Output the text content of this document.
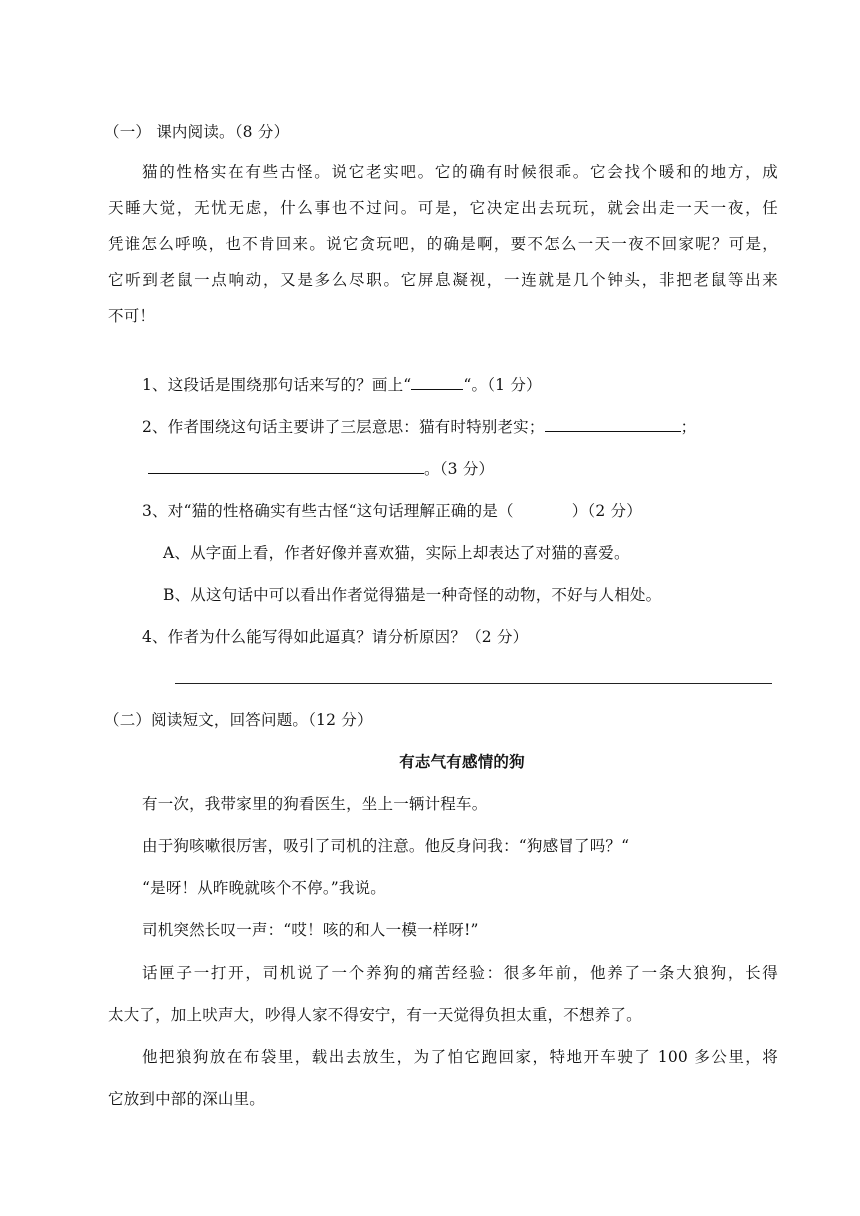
（一） 课内阅读。（8 分）
猫的性格实在有些古怪。说它老实吧。它的确有时候很乖。它会找个暖和的地方，成
天睡大觉，无忧无虑，什么事也不过问。可是，它决定出去玩玩，就会出走一天一夜，任
凭谁怎么呼唤，也不肯回来。说它贪玩吧，的确是啊，要不怎么一天一夜不回家呢？可是，
它听到老鼠一点响动，又是多么尽职。它屏息凝视，一连就是几个钟头，非把老鼠等出来
不可！
1、这段话是围绕那句话来写的？画上“	“。（1 分）
2、作者围绕这句话主要讲了三层意思：猫有时特别老实；	；
。（3 分）
3、对“猫的性格确实有些古怪“这句话理解正确的是（	）（2 分）
A、从字面上看，作者好像并喜欢猫，实际上却表达了对猫的喜爱。
B、从这句话中可以看出作者觉得猫是一种奇怪的动物，不好与人相处。
4、作者为什么能写得如此逼真？请分析原因？（2 分）
（二）阅读短文，回答问题。（12 分）
有志气有感情的狗
有一次，我带家里的狗看医生，坐上一辆计程车。
由于狗咳嗽很厉害，吸引了司机的注意。他反身问我：“狗感冒了吗？“
“是呀！从昨晚就咳个不停。”我说。
司机突然长叹一声：“哎！咳的和人一模一样呀!”
话匣子一打开，司机说了一个养狗的痛苦经验：很多年前，他养了一条大狼狗，长得
太大了，加上吠声大，吵得人家不得安宁，有一天觉得负担太重，不想养了。
他把狼狗放在布袋里，载出去放生，为了怕它跑回家，特地开车驶了 100 多公里，将
它放到中部的深山里。
